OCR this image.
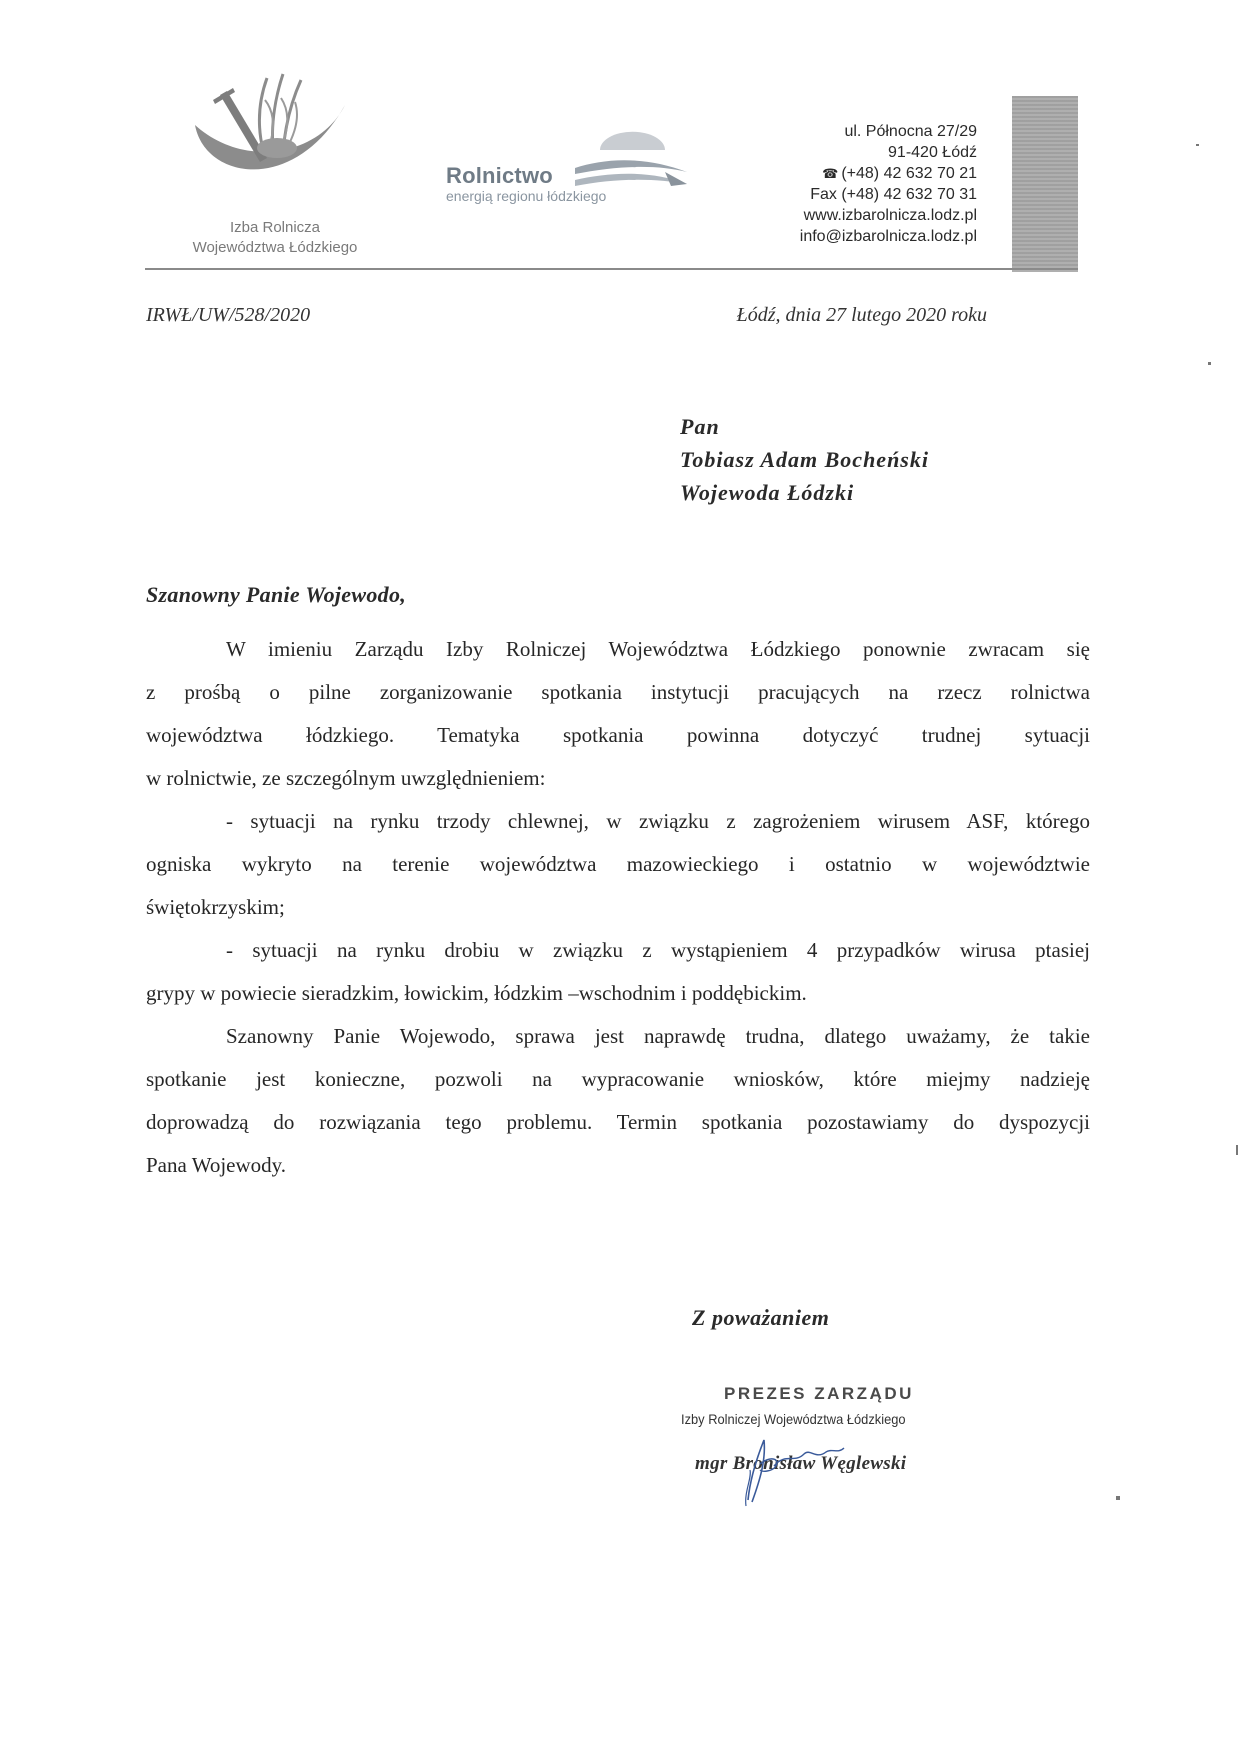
Izba Rolnicza
Województwa Łódzkiego
Rolnictwo
energią regionu łódzkiego
ul. Północna 27/29
91-420 Łódź
☎ (+48) 42 632 70 21
Fax (+48) 42 632 70 31
www.izbarolnicza.lodz.pl
info@izbarolnicza.lodz.pl
IRWŁ/UW/528/2020	Łódź, dnia 27 lutego 2020 roku
Pan
Tobiasz Adam Bocheński
Wojewoda Łódzki
Szanowny Panie Wojewodo,
W imieniu Zarządu Izby Rolniczej Województwa Łódzkiego ponownie zwracam się
z prośbą o pilne zorganizowanie spotkania instytucji pracujących na rzecz rolnictwa
województwa łódzkiego. Tematyka spotkania powinna dotyczyć trudnej sytuacji
w rolnictwie, ze szczególnym uwzględnieniem:
- sytuacji na rynku trzody chlewnej, w związku z zagrożeniem wirusem ASF, którego
ogniska wykryto na terenie województwa mazowieckiego i ostatnio w województwie
świętokrzyskim;
- sytuacji na rynku drobiu w związku z wystąpieniem 4 przypadków wirusa ptasiej
grypy w powiecie sieradzkim, łowickim, łódzkim –wschodnim i poddębickim.
Szanowny Panie Wojewodo, sprawa jest naprawdę trudna, dlatego uważamy, że takie
spotkanie jest konieczne, pozwoli na wypracowanie wniosków, które miejmy nadzieję
doprowadzą do rozwiązania tego problemu. Termin spotkania pozostawiamy do dyspozycji
Pana Wojewody.
Z poważaniem
PREZES ZARZĄDU
Izby Rolniczej Województwa Łódzkiego
mgr Bronisław Węglewski
